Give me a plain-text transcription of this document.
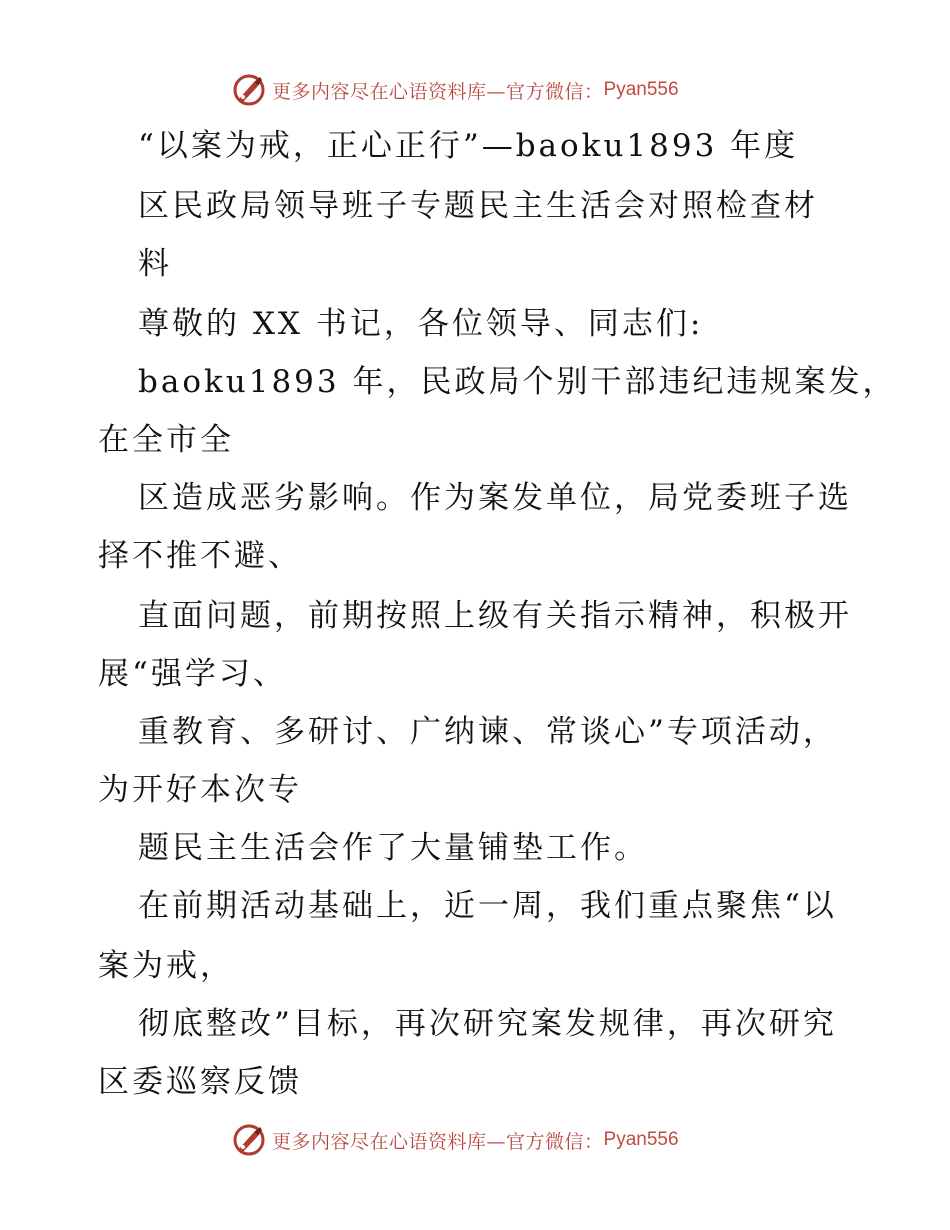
更多内容尽在心语资料库—官方微信： Pyan556
“以案为戒，正心正行”—baoku1893 年度
区民政局领导班子专题民主生活会对照检查材
料
尊敬的 XX 书记，各位领导、同志们:
baoku1893 年，民政局个别干部违纪违规案发，
在全市全
区造成恶劣影响。作为案发单位，局党委班子选
择不推不避、
直面问题，前期按照上级有关指示精神，积极开
展“强学习、
重教育、多研讨、广纳谏、常谈心”专项活动，
为开好本次专
题民主生活会作了大量铺垫工作。
在前期活动基础上，近一周，我们重点聚焦“以
案为戒，
彻底整改”目标，再次研究案发规律，再次研究
区委巡察反馈
更多内容尽在心语资料库—官方微信： Pyan556
